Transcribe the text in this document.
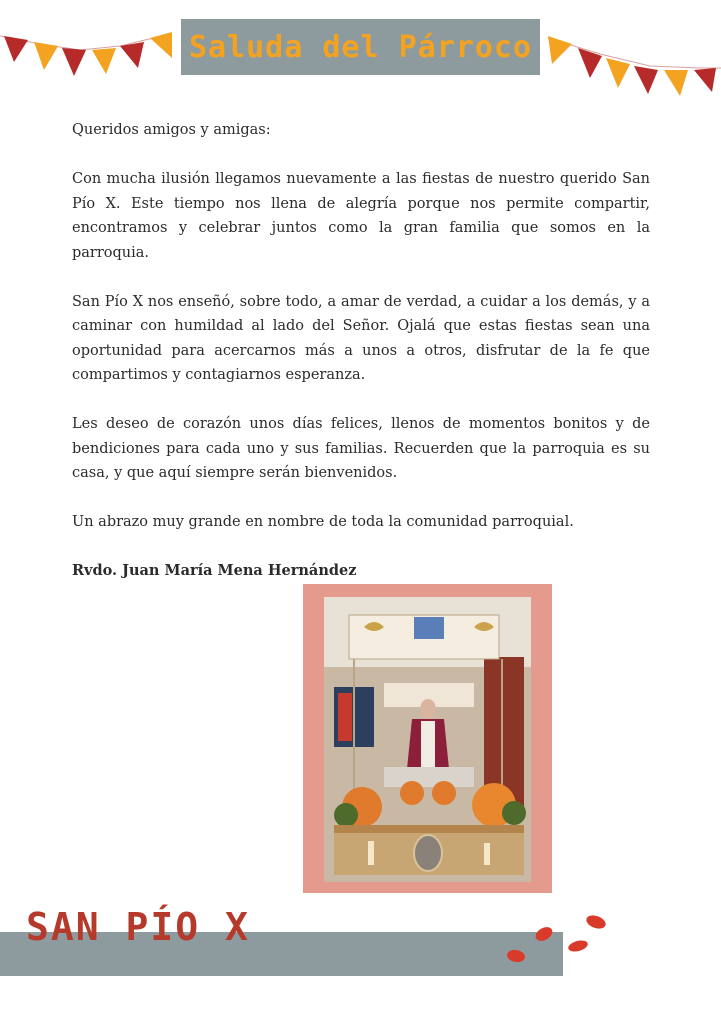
Saluda del Párroco

Queridos amigos y amigas:

Con mucha ilusión llegamos nuevamente a las fiestas de nuestro querido San Pío X. Este tiempo nos llena de alegría porque nos permite compartir, encontramos y celebrar juntos como la gran familia que somos en la parroquia.

San Pío X nos enseñó, sobre todo, a amar de verdad, a cuidar a los demás, y a caminar con humildad al lado del Señor. Ojalá que estas fiestas sean una oportunidad para acercarnos más a unos a otros, disfrutar de la fe que compartimos y contagiarnos esperanza.

Les deseo de corazón unos días felices, llenos de momentos bonitos y de bendiciones para cada uno y sus familias. Recuerden que la parroquia es su casa, y que aquí siempre serán bienvenidos.

Un abrazo muy grande en nombre de toda la comunidad parroquial.

Rvdo. Juan María Mena Hernández

SAN PÍO X
